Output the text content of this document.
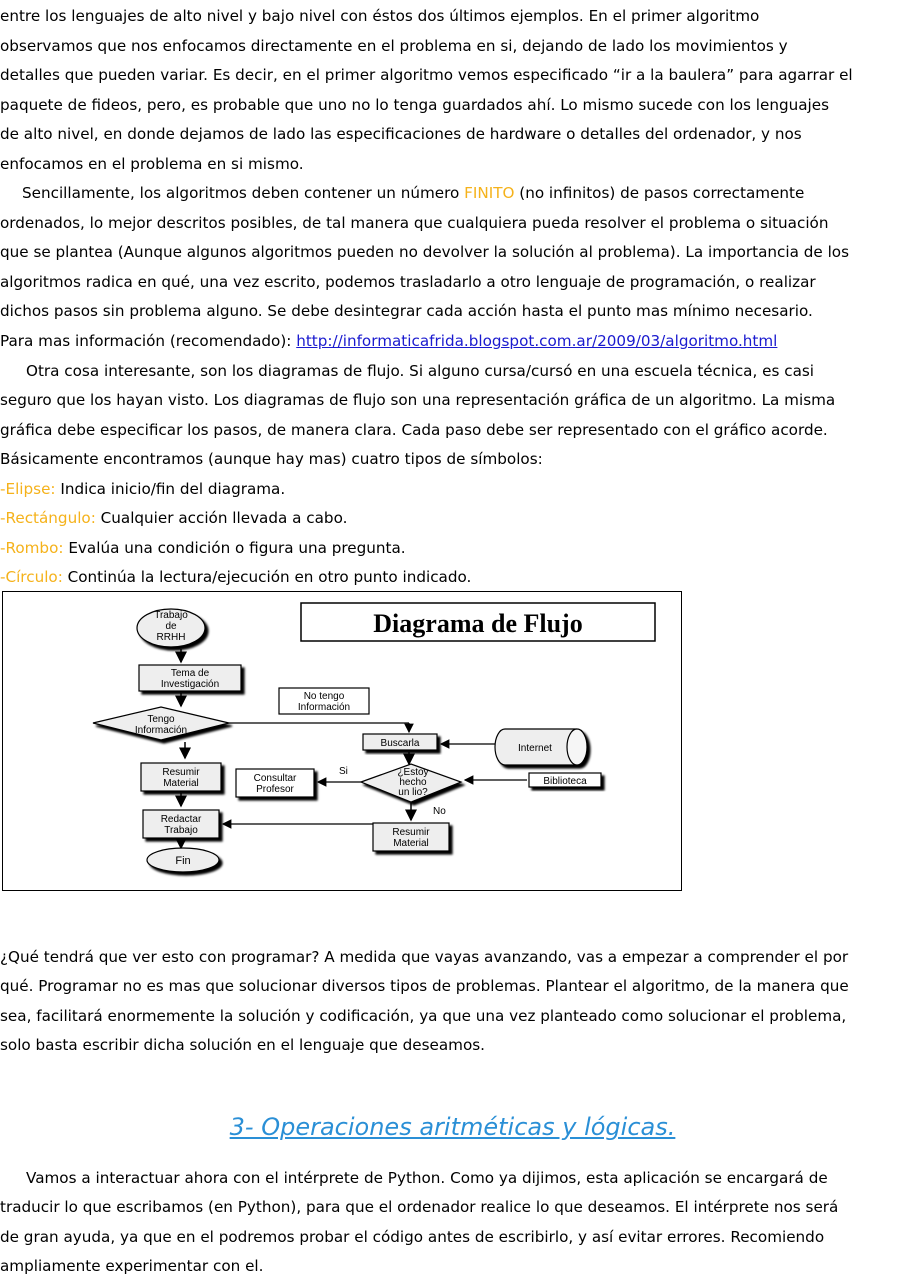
entre los lenguajes de alto nivel y bajo nivel con éstos dos últimos ejemplos. En el primer algoritmo
observamos que nos enfocamos directamente en el problema en si, dejando de lado los movimientos y
detalles que pueden variar. Es decir, en el primer algoritmo vemos especificado “ir a la baulera” para agarrar el
paquete de fideos, pero, es probable que uno no lo tenga guardados ahí. Lo mismo sucede con los lenguajes
de alto nivel, en donde dejamos de lado las especificaciones de hardware o detalles del ordenador, y nos
enfocamos en el problema en si mismo.
Sencillamente, los algoritmos deben contener un número FINITO (no infinitos) de pasos correctamente
ordenados, lo mejor descritos posibles, de tal manera que cualquiera pueda resolver el problema o situación
que se plantea (Aunque algunos algoritmos pueden no devolver la solución al problema). La importancia de los
algoritmos radica en qué, una vez escrito, podemos trasladarlo a otro lenguaje de programación, o realizar
dichos pasos sin problema alguno. Se debe desintegrar cada acción hasta el punto mas mínimo necesario.
Para mas información (recomendado): http://informaticafrida.blogspot.com.ar/2009/03/algoritmo.html
Otra cosa interesante, son los diagramas de flujo. Si alguno cursa/cursó en una escuela técnica, es casi
seguro que los hayan visto. Los diagramas de flujo son una representación gráfica de un algoritmo. La misma
gráfica debe especificar los pasos, de manera clara. Cada paso debe ser representado con el gráfico acorde.
Básicamente encontramos (aunque hay mas) cuatro tipos de símbolos:
-Elipse: Indica inicio/fin del diagrama.
-Rectángulo: Cualquier acción llevada a cabo.
-Rombo: Evalúa una condición o figura una pregunta.
-Círculo: Continúa la lectura/ejecución en otro punto indicado.
Diagrama de Flujo
Trabajo
de
RRHH
Tema de
Investigación
Tengo
Información
No tengo
Información
Buscarla	Internet
Resumir
Material	Consultar
Profesor
Si	¿Estoy
hecho
un lio?
No
Biblioteca
Redactar
Trabajo	Resumir
Material
Fin
¿Qué tendrá que ver esto con programar? A medida que vayas avanzando, vas a empezar a comprender el por
qué. Programar no es mas que solucionar diversos tipos de problemas. Plantear el algoritmo, de la manera que
sea, facilitará enormemente la solución y codificación, ya que una vez planteado como solucionar el problema,
solo basta escribir dicha solución en el lenguaje que deseamos.
3- Operaciones aritméticas y lógicas.
Vamos a interactuar ahora con el intérprete de Python. Como ya dijimos, esta aplicación se encargará de
traducir lo que escribamos (en Python), para que el ordenador realice lo que deseamos. El intérprete nos será
de gran ayuda, ya que en el podremos probar el código antes de escribirlo, y así evitar errores. Recomiendo
ampliamente experimentar con el.
